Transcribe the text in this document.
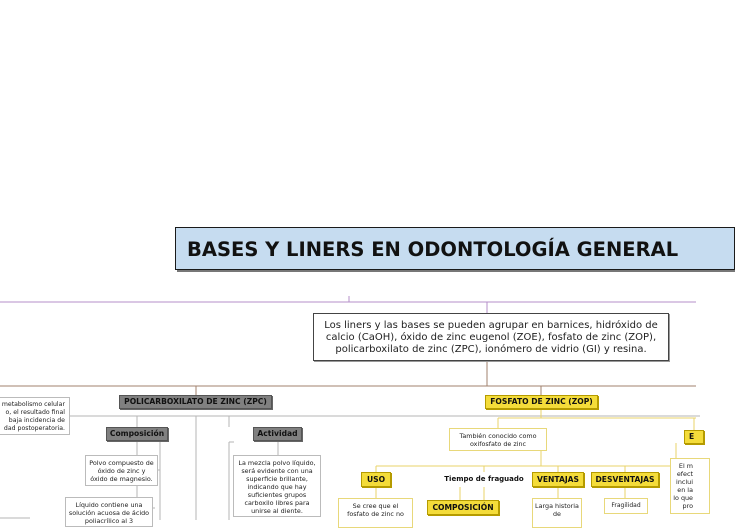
BASES Y LINERS EN ODONTOLOGÍA GENERAL
Los liners y las bases se pueden agrupar en barnices, hidróxido de calcio (CaOH), óxido de zinc eugenol (ZOE), fosfato de zinc (ZOP), policarboxilato de zinc (ZPC), ionómero de vidrio (GI) y resina.
metabolismo celular o, el resultado final baja incidencia de dad postoperatoria.
POLICARBOXILATO DE ZINC (ZPC)
Composición
Polvo compuesto de óxido de zinc y óxido de magnesio.
Líquido contiene una solución acuosa de ácido poliacrílico al 3
Actividad
La mezcla polvo líquido, será evidente con una superficie brillante, indicando que hay suficientes grupos carboxilo libres para unirse al diente.
FOSFATO DE ZINC (ZOP)
También conocido como oxifosfato de zinc
USO
Se cree que el fosfato de zinc no
Tiempo de fraguado
COMPOSICIÓN
VENTAJAS
Larga historia de
DESVENTAJAS
Fragilidad
E
El m efect inclui en la lo que pro
